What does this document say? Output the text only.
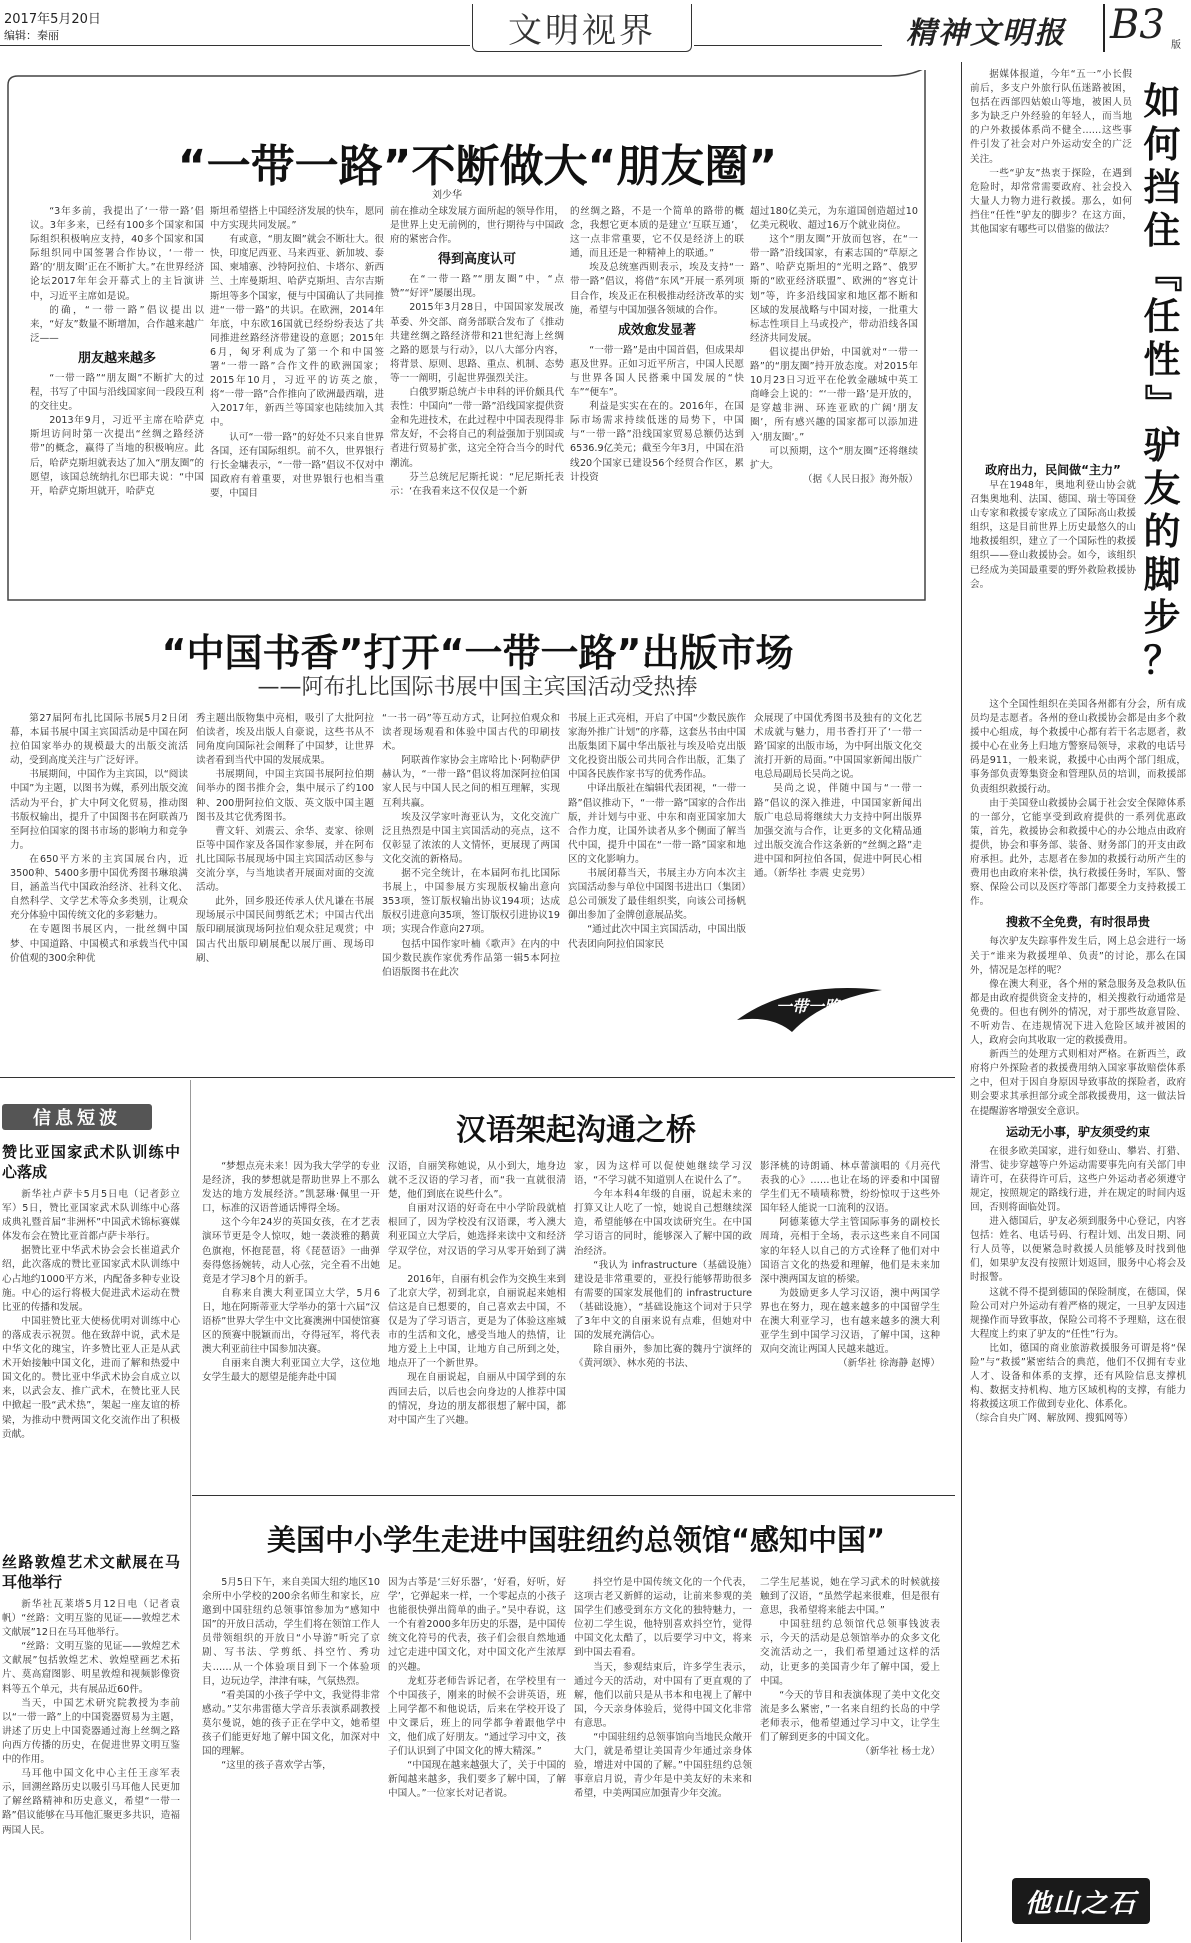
2017年5月20日
编辑：秦丽	文明视界	精神文明报 B3 版
“一带一路”不断做大“朋友圈”
刘少华

“3年多前，我提出了‘一带一路’倡议。3年多来，已经有100多个国家和国际组织积极响应支持，40多个国家和国际组织同中国签署合作协议，‘一带一路’的‘朋友圈’正在不断扩大。”在世界经济论坛2017年年会开幕式上的主旨演讲中，习近平主席如是说。

的确，“一带一路”倡议提出以来，“好友”数量不断增加，合作越来越广泛——

朋友越来越多

“一带一路”“朋友圈”不断扩大的过程，书写了中国与沿线国家间一段段互利的交往史。

2013年9月，习近平主席在哈萨克斯坦访问时第一次提出“丝绸之路经济带”的概念，赢得了当地的积极响应。此后，哈萨克斯坦就表达了加入“朋友圈”的愿望，该国总统纳扎尔巴耶夫说：“中国开，哈萨克斯坦就开，哈萨克

斯坦希望搭上中国经济发展的快车，愿同中方实现共同发展。”

有或意，“朋友圈”就会不断壮大。很快，印度尼西亚、马来西亚、新加坡、泰国、柬埔寨、沙特阿拉伯、卡塔尔、新西兰、土库曼斯坦、哈萨克斯坦、吉尔吉斯斯坦等多个国家，便与中国确认了共同推进“一带一路”的共识。在欧洲，2014年年底，中东欧16国就已经纷纷表达了共同推进丝路经济带建设的意愿；2015年6月，匈牙利成为了第一个和中国签署“一带一路”合作文件的欧洲国家；2015年10月，习近平的访英之旅，将“一带一路”合作推向了欧洲最西端，进入2017年，新西兰等国家也陆续加入其中。

认可“一带一路”的好处不只来自世界各国，还有国际组织。前不久，世界银行行长金墉表示，“一带一路”倡议不仅对中国政府有着重要，对世界银行也相当重要，中国目

前在推动全球发展方面所起的领导作用，是世界上史无前例的，世行期待与中国政府的紧密合作。

得到高度认可

在“一带一路”“朋友圈”中，“点赞”“好评”屡屡出现。

2015年3月28日，中国国家发展改革委、外交部、商务部联合发布了《推动共建丝绸之路经济带和21世纪海上丝绸之路的愿景与行动》，以八大部分内容，将背景、原则、思路、重点、机制、态势等一一阐明，引起世界强烈关注。

白俄罗斯总统卢卡申科的评价颇具代表性：中国向“一带一路”沿线国家提供资金和先进技术，在此过程中中国表现得非常友好，不会将自己的利益强加于别国或者进行贸易扩张，这完全符合当今的时代潮流。

芬兰总统尼尼斯托说：“尼尼斯托表示：‘在我看来这不仅仅是一个新

的丝绸之路，不是一个简单的路带的概念，我想它更本质的是建立‘互联互通’，这一点非常重要，它不仅是经济上的联通，而且还是一种精神上的联通。”

埃及总统塞西则表示，埃及支持“一带一路”倡议，将借“东风”开展一系列项目合作，埃及正在积极推动经济改革的实施，希望与中国加强各领域的合作。

成效愈发显著

“一带一路”是由中国首倡，但成果却惠及世界。正如习近平所言，中国人民愿与世界各国人民搭乘中国发展的“快车”“便车”。

利益是实实在在的。2016年，在国际市场需求持续低迷的局势下，中国与“一带一路”沿线国家贸易总额仍达到6536.9亿美元；截至今年3月，中国在沿线20个国家已建设56个经贸合作区，累计投资

超过180亿美元，为东道国创造超过10亿美元税收、超过16万个就业岗位。

这个“朋友圈”开放而包容，在“一带一路”沿线国家，有素志国的“草原之路”、哈萨克斯坦的“光明之路”、俄罗斯的“欧亚经济联盟”、欧洲的“容克计划”等，许多沿线国家和地区都不断和区域的发展战略与中国对接，一批重大标志性项目上马或投产，带动沿线各国经济共同发展。

倡议提出伊始，中国就对“一带一路”的“朋友圈”持开放态度。对2015年10月23日习近平在伦敦金融城中英工商峰会上说的：“‘一带一路’是开放的，是穿越非洲、环连亚欧的广阔‘朋友圈’，所有感兴趣的国家都可以添加进入‘朋友圈’。”

可以预期，这个“朋友圈”还将继续扩大。

（据《人民日报》海外版）

“中国书香”打开“一带一路”出版市场
——阿布扎比国际书展中国主宾国活动受热捧

第27届阿布扎比国际书展5月2日闭幕，本届书展中国主宾国活动是中国在阿拉伯国家举办的规模最大的出版交流活动，受到高度关注与广泛好评。

书展期间，中国作为主宾国，以“阅读中国”为主题，以图书为媒，系列出版交流活动为平台，扩大中阿文化贸易，推动图书版权输出，提升了中国图书在阿联酋乃至阿拉伯国家的图书市场的影响力和竞争力。

在650平方米的主宾国展台内，近3500种、5400多册中国优秀图书琳琅满目，涵盖当代中国政治经济、社科文化、自然科学、文学艺术等众多类别，让观众充分体验中国传统文化的多彩魅力。

在专题图书展区内，一批丝绸中国梦、中国道路、中国模式和承载当代中国价值观的300余种优

秀主题出版物集中亮相，吸引了大批阿拉伯读者，埃及出版人自豪说，这些书从不同角度向国际社会阐释了中国梦，让世界读者看到当代中国的发展成果。

书展期间，中国主宾国书展阿拉伯期间举办的图书推介会，集中展示了约100种、200册阿拉伯文版、英文版中国主题图书及其它优秀图书。

曹文轩、刘震云、余华、麦家、徐则臣等中国作家及各国作家参展，并在阿布扎比国际书展现场中国主宾国活动区参与交流分享，与当地读者开展面对面的交流活动。

此外，回乡殷还传承人伏凡谦在书展现场展示中国民间剪纸艺术；中国古代出版印刷展演现场阿拉伯观众驻足观赏；中国古代出版印刷展配以展厅画、现场印刷、

“一书一码”等互动方式，让阿拉伯观众和读者现场观看和体验中国古代的印刷技术。

阿联酋作家协会主席哈比卜·阿勒萨伊赫认为，“一带一路”倡议将加深阿拉伯国家人民与中国人民之间的相互理解，实现互利共赢。

埃及汉学家叶海亚认为，文化交流广泛且热烈是中国主宾国活动的亮点，这不仅彰显了浓浓的人文情怀，更展现了两国文化交流的新格局。

据不完全统计，在本届阿布扎比国际书展上，中国参展方实现版权输出意向353项，签订版权输出协议194项；达成版权引进意向35项，签订版权引进协议19项；实现合作意向27项。

包括中国作家叶楠《歌声》在内的中国少数民族作家优秀作品第一辑5本阿拉伯语版图书在此次

书展上正式亮相，开启了中国“少数民族作家海外推广计划”的序幕，这套丛书由中国出版集团下属中华出版社与埃及哈克出版文化投资出版公司共同合作出版，汇集了中国各民族作家书写的优秀作品。

中译出版社在编辑代表团视，“一带一路”倡议推动下，“一带一路”国家的合作出版，并计划与中亚、中东和南亚国家加大合作力度，让国外读者从多个侧面了解当代中国，提升中国在“一带一路”国家和地区的文化影响力。

书展闭幕当天，书展主办方向本次主宾国活动参与单位中国图书进出口（集团）总公司颁发了最佳组织奖，向该公司扬帆御出参加了金牌创意展品奖。

“通过此次中国主宾国活动，中国出版代表团向阿拉伯国家民

众展现了中国优秀图书及独有的文化艺术成就与魅力，用书香打开了‘一带一路’国家的出版市场，为中阿出版文化交流打开新的局面。”中国国家新闻出版广电总局副局长吴尚之说。

吴尚之说，伴随中国与“一带一路”倡议的深入推进，中国国家新闻出版广电总局将继续大力支持中阿出版界加强交流与合作，让更多的文化精品通过出版交流合作这条新的“丝绸之路”走进中国和阿拉伯各国，促进中阿民心相通。（新华社 李震 史竞男）

一带一路
信息短波
赞比亚国家武术队训练中心落成

新华社卢萨卡5月5日电（记者彭立军）5日，赞比亚国家武术队训练中心落成典礼暨首届“非洲杯”中国武术锦标赛媒体发布会在赞比亚首都卢萨卡举行。

据赞比亚中华武术协会会长崔道武介绍，此次落成的赞比亚国家武术队训练中心占地约1000平方米，内配备多种专业设施。中心的运行将极大促进武术运动在赞比亚的传播和发展。

中国驻赞比亚大使杨优明对训练中心的落成表示祝贺。他在致辞中说，武术是中华文化的瑰宝，许多赞比亚人正是从武术开始接触中国文化，进而了解和热爱中国文化的。赞比亚中华武术协会自成立以来，以武会友、推广武术，在赞比亚人民中掀起一股“武术热”，架起一座友谊的桥梁，为推动中赞两国文化交流作出了积极贡献。

丝路敦煌艺术文献展在马耳他举行

新华社瓦莱塔5月12日电（记者袁帆）“丝路：文明互鉴的见证——敦煌艺术文献展”12日在马耳他举行。

“丝路：文明互鉴的见证——敦煌艺术文献展”包括敦煌艺术、敦煌壁画艺术拓片、莫高窟图影、明星敦煌和视频影像资料等五个单元，共有展品近60件。

当天，中国艺术研究院教授为李前以“一带一路”上的中国瓷器贸易为主题，讲述了历史上中国瓷器通过海上丝绸之路向西方传播的历史，在促进世界文明互鉴中的作用。

马耳他中国文化中心主任王彦军表示，回溯丝路历史以吸引马耳他人民更加了解丝路精神和历史意义，希望“一带一路”倡议能够在马耳他汇聚更多共识，造福两国人民。

汉语架起沟通之桥

“梦想点亮未来！因为我大学学的专业是经济，我的梦想就是帮助世界上不那么发达的地方发展经济。”凯瑟琳·佩里一开口，标准的汉语普通话博得全场。

这个今年24岁的英国女孩，在才艺表演环节更是令人惊叹，她一袭淡雅的鹅黄色旗袍，怀抱琵琶，将《琵琶语》一曲弹奏得悠扬婉转，动人心弦，完全看不出她竟是才学习8个月的新手。

自称来自澳大利亚国立大学，5月6日，地在阿斯蒂亚大学举办的第十六届“汉语桥”世界大学生中文比赛澳洲中国使馆赛区的预赛中脱颖而出，夺得冠军，将代表澳大利亚前往中国参加决赛。

自丽来自澳大利亚国立大学，这位地女学生最大的愿望是能奔赴中国

汉语，自丽笑称她说，从小到大，地身边就不乏汉语的学习者，而“我一直就很清楚，他们到底在说些什么”。

自丽对汉语的好奇在中小学阶段就植根回了，因为学校没有汉语课，考入澳大利亚国立大学后，她选择来读中文和经济学双学位，对汉语的学习从零开始到了满足。

2016年，自丽有机会作为交换生来到了北京大学，初到北京，自丽说起来她相信这是自已想要的，自己喜欢去中国，不仅是为了学习语言，更是为了体验这座城市的生活和文化，感受当地人的热情，让地方爱上上中国，让地方自己所到之处，地点开了一个新世界。

现在自丽说起，自丽从中国学到的东西回去后，以后也会向身边的人推荐中国的情况，身边的朋友都很想了解中国，都对中国产生了兴趣。

家，因为这样可以促使她继续学习汉语，“不学习就不知道别人在说什么了”。

今年本科4年级的自丽，说起未来的打算又让人吃了一惊，她说自己想继续深造，希望能够在中国攻读研究生。在中国学习语言的同时，能够深入了解中国的政治经济。

“我认为 infrastructure（基础设施）建设是非常重要的，亚投行能够帮助很多有需要的国家发展他们的 infrastructure（基础设施），“基础设施这个词对于只学了3年中文的自丽来说有点难，但她对中国的发展充满信心。

除自丽外，参加比赛的魏丹宁演绎的《黄河颂》、林水苑的书法、

影泽桃的诗朗诵、林卓蕾演唱的《月亮代表我的心》……也让在场的评委和中国留学生们无不啧啧称赞，纷纷惊叹于这些外国年轻人能说一口流利的汉语。

阿德莱德大学主管国际事务的副校长周琦，亮相于全场，表示这些来自不同国家的年轻人以自己的方式诠释了他们对中国语言文化的热爱和理解，他们是未来加深中澳两国友谊的桥梁。

为鼓励更多人学习汉语，澳中两国学界也在努力，现在越来越多的中国留学生在澳大利亚学习，也有越来越多的澳大利亚学生到中国学习汉语，了解中国，这种双向交流让两国人民越来越近。

（新华社 徐海静 赵博）

美国中小学生走进中国驻纽约总领馆“感知中国”

5月5日下午，来自美国大纽约地区10余所中小学校的200余名师生和家长，应邀到中国驻纽约总领事馆参加为“感知中国”的开放日活动，学生们将在领馆工作人员带领组织的开放日“小导游”听完了京剧、写书法、学剪纸、抖空竹、秀功夫……从一个体验项目到下一个体验项目，边玩边学，津津有味，气氛热烈。

“看美国的小孩子学中文，我觉得非常感动。”艾尔弗雷德大学音乐表演系副教授莫尔曼说，她的孩子正在学中文，她希望孩子们能更好地了解中国文化，加深对中国的理解。

“这里的孩子喜欢学古筝，

因为古筝是‘三好乐器’，‘好看，好听，好学’，它弹起来一样，一个零起点的小孩子也能很快弹出简单的曲子。”吴中春说，这一个有着2000多年历史的乐器，是中国传统文化符号的代表，孩子们会很自然地通过它走进中国文化，对中国文化产生浓厚的兴趣。

龙虹芬老师告诉记者，在学校里有一个中国孩子，刚来的时候不会讲英语，班上同学都不和他说话，后来在学校开设了中文课后，班上的同学都争着跟他学中文，他们成了好朋友。“通过学习中文，孩子们认识到了中国文化的博大精深。”

“中国现在越来越强大了，关于中国的新闻越来越多，我们要多了解中国，了解中国人。”一位家长对记者说。

抖空竹是中国传统文化的一个代表，这项古老又新鲜的运动，让前来参观的美国学生们感受到东方文化的独特魅力，一位初二学生说，他特别喜欢抖空竹，觉得中国文化太酷了，以后要学习中文，将来到中国去看看。

当天，参观结束后，许多学生表示，通过今天的活动，对中国有了更直观的了解，他们以前只是从书本和电视上了解中国，今天亲身体验后，觉得中国文化非常有意思。

“中国驻纽约总领事馆向当地民众敞开大门，就是希望让美国青少年通过亲身体验，增进对中国的了解。”中国驻纽约总领事章启月说，青少年是中美友好的未来和希望，中美两国应加强青少年交流。

二学生尼基说，她在学习武术的时候就接触到了汉语，“虽然学起来很难，但是很有意思，我希望将来能去中国。”

中国驻纽约总领馆代总领事钱波表示，今天的活动是总领馆举办的众多文化交流活动之一，我们希望通过这样的活动，让更多的美国青少年了解中国，爱上中国。

“今天的节目和表演体现了美中文化交流是多么紧密，”一名来自纽约长岛的中学老师表示，他希望通过学习中文，让学生们了解到更多的中国文化。

（新华社 杨士龙）

如
何
挡
住
『
任
性
』
驴
友
的
脚
步
？

据媒体报道，今年“五一”小长假前后，多支户外旅行队伍迷路被困，包括在西部四姑娘山等地，被困人员多为缺乏户外经验的年轻人，而当地的户外救援体系尚不健全……这些事件引发了社会对户外运动安全的广泛关注。

一些“驴友”热衷于探险，在遇到危险时，却常常需要政府、社会投入大量人力物力进行救援。那么，如何挡住“任性”驴友的脚步？在这方面，其他国家有哪些可以借鉴的做法？

政府出力，民间做“主力”

早在1948年，奥地利登山协会就召集奥地利、法国、德国、瑞士等国登山专家和救援专家成立了国际高山救援组织，这是目前世界上历史最悠久的山地救援组织，建立了一个国际性的救援组织——登山救援协会。如今，该组织已经成为美国最重要的野外救险救援协会。

这个全国性组织在美国各州都有分会，所有成员均是志愿者。各州的登山救援协会都是由多个救援中心组成，每个救援中心都有若干名志愿者，救援中心在业务上归地方警察局领导，求救的电话号码是911，一般来说，救援中心由两个部门组成，事务部负责筹集资金和管理队员的培训，而救援部负责组织救援行动。

由于美国登山救援协会属于社会安全保障体系的一部分，它能享受到政府提供的一系列优惠政策，首先，救援协会和救援中心的办公地点由政府提供，协会和事务部、装备、财务部门的开支由政府承担。此外，志愿者在参加的救援行动所产生的费用也由政府来补偿，执行救援任务时，军队、警察、保险公司以及医疗等部门都要全力支持救援工作。

搜救不全免费，有时很昂贵

每次驴友失踪事件发生后，网上总会进行一场关于“谁来为救援埋单、负责”的讨论，那么在国外，情况是怎样的呢？

像在澳大利亚，各个州的紧急服务及急救队伍都是由政府提供资金支持的，相关搜救行动通常是免费的。但也有例外的情况，对于那些故意冒险、不听劝告、在违规情况下进入危险区域并被困的人，政府会向其收取一定的救援费用。

新西兰的处理方式则相对严格。在新西兰，政府将户外探险者的救援费用纳入国家事故赔偿体系之中，但对于因自身原因导致事故的探险者，政府则会要求其承担部分或全部救援费用，这一做法旨在提醒游客增强安全意识。

运动无小事，驴友须受约束

在很多欧美国家，进行如登山、攀岩、打猎、滑雪、徒步穿越等户外运动需要事先向有关部门申请许可，在获得许可后，这些户外运动者必须遵守规定，按照规定的路线行进，并在规定的时间内返回，否则将面临处罚。

进入德国后，驴友必须到服务中心登记，内容包括：姓名、电话号码、行程计划、出发日期、同行人员等，以便紧急时救援人员能够及时找到他们，如果驴友没有按照计划返回，服务中心将会及时报警。

这就不得不提到德国的保险制度，在德国，保险公司对户外运动有着严格的规定，一旦驴友因违规操作而导致事故，保险公司将不予理赔，这在很大程度上约束了驴友的“任性”行为。

比如，德国的商业旅游救援服务可谓是将“保险”与“救援”紧密结合的典范，他们不仅拥有专业人才、设备和体系的支撑，还有风险信息支撑机构、数据支持机构、地方区域机构的支撑，有能力将救援这项工作做到专业化、体系化。

（综合自央广网、解放网、搜狐网等）

他山之石
